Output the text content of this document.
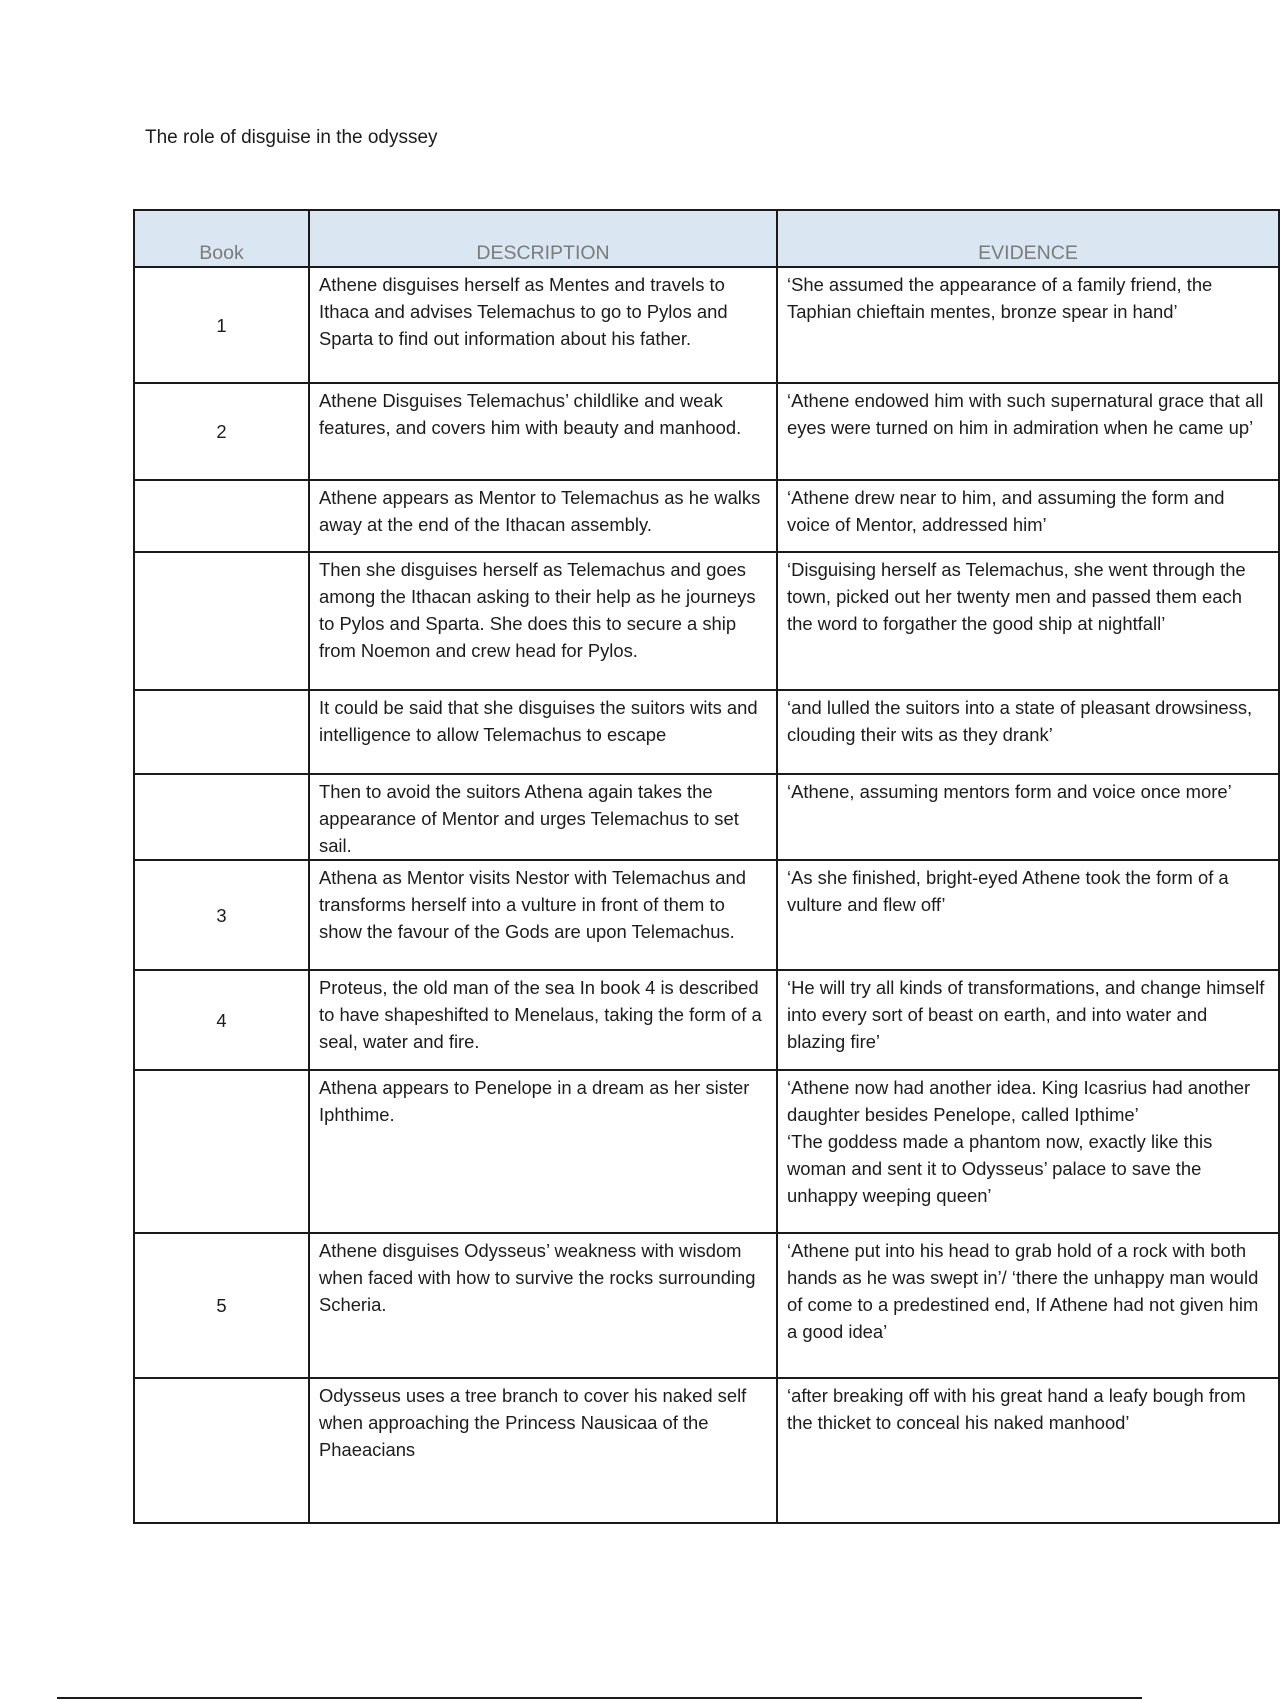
The role of disguise in the odyssey
Book	DESCRIPTION	EVIDENCE
1	Athene disguises herself as Mentes and travels to Ithaca and advises Telemachus to go to Pylos and Sparta to find out information about his father.	‘She assumed the appearance of a family friend, the Taphian chieftain mentes, bronze spear in hand’
2	Athene Disguises Telemachus’ childlike and weak features, and covers him with beauty and manhood.	‘Athene endowed him with such supernatural grace that all eyes were turned on him in admiration when he came up’
	Athene appears as Mentor to Telemachus as he walks away at the end of the Ithacan assembly.	‘Athene drew near to him, and assuming the form and voice of Mentor, addressed him’
	Then she disguises herself as Telemachus and goes among the Ithacan asking to their help as he journeys to Pylos and Sparta. She does this to secure a ship from Noemon and crew head for Pylos.	‘Disguising herself as Telemachus, she went through the town, picked out her twenty men and passed them each the word to forgather the good ship at nightfall’
	It could be said that she disguises the suitors wits and intelligence to allow Telemachus to escape	‘and lulled the suitors into a state of pleasant drowsiness, clouding their wits as they drank’
	Then to avoid the suitors Athena again takes the appearance of Mentor and urges Telemachus to set sail.	‘Athene, assuming mentors form and voice once more’
3	Athena as Mentor visits Nestor with Telemachus and transforms herself into a vulture in front of them to show the favour of the Gods are upon Telemachus.	‘As she finished, bright-eyed Athene took the form of a vulture and flew off’
4	Proteus, the old man of the sea In book 4 is described to have shapeshifted to Menelaus, taking the form of a seal, water and fire.	‘He will try all kinds of transformations, and change himself into every sort of beast on earth, and into water and blazing fire’
	Athena appears to Penelope in a dream as her sister Iphthime.	‘Athene now had another idea. King Icasrius had another daughter besides Penelope, called Ipthime’
‘The goddess made a phantom now, exactly like this woman and sent it to Odysseus’ palace to save the unhappy weeping queen’
5	Athene disguises Odysseus’ weakness with wisdom when faced with how to survive the rocks surrounding Scheria.	‘Athene put into his head to grab hold of a rock with both hands as he was swept in’/ ‘there the unhappy man would of come to a predestined end, If Athene had not given him a good idea’
	Odysseus uses a tree branch to cover his naked self when approaching the Princess Nausicaa of the Phaeacians	‘after breaking off with his great hand a leafy bough from the thicket to conceal his naked manhood’
